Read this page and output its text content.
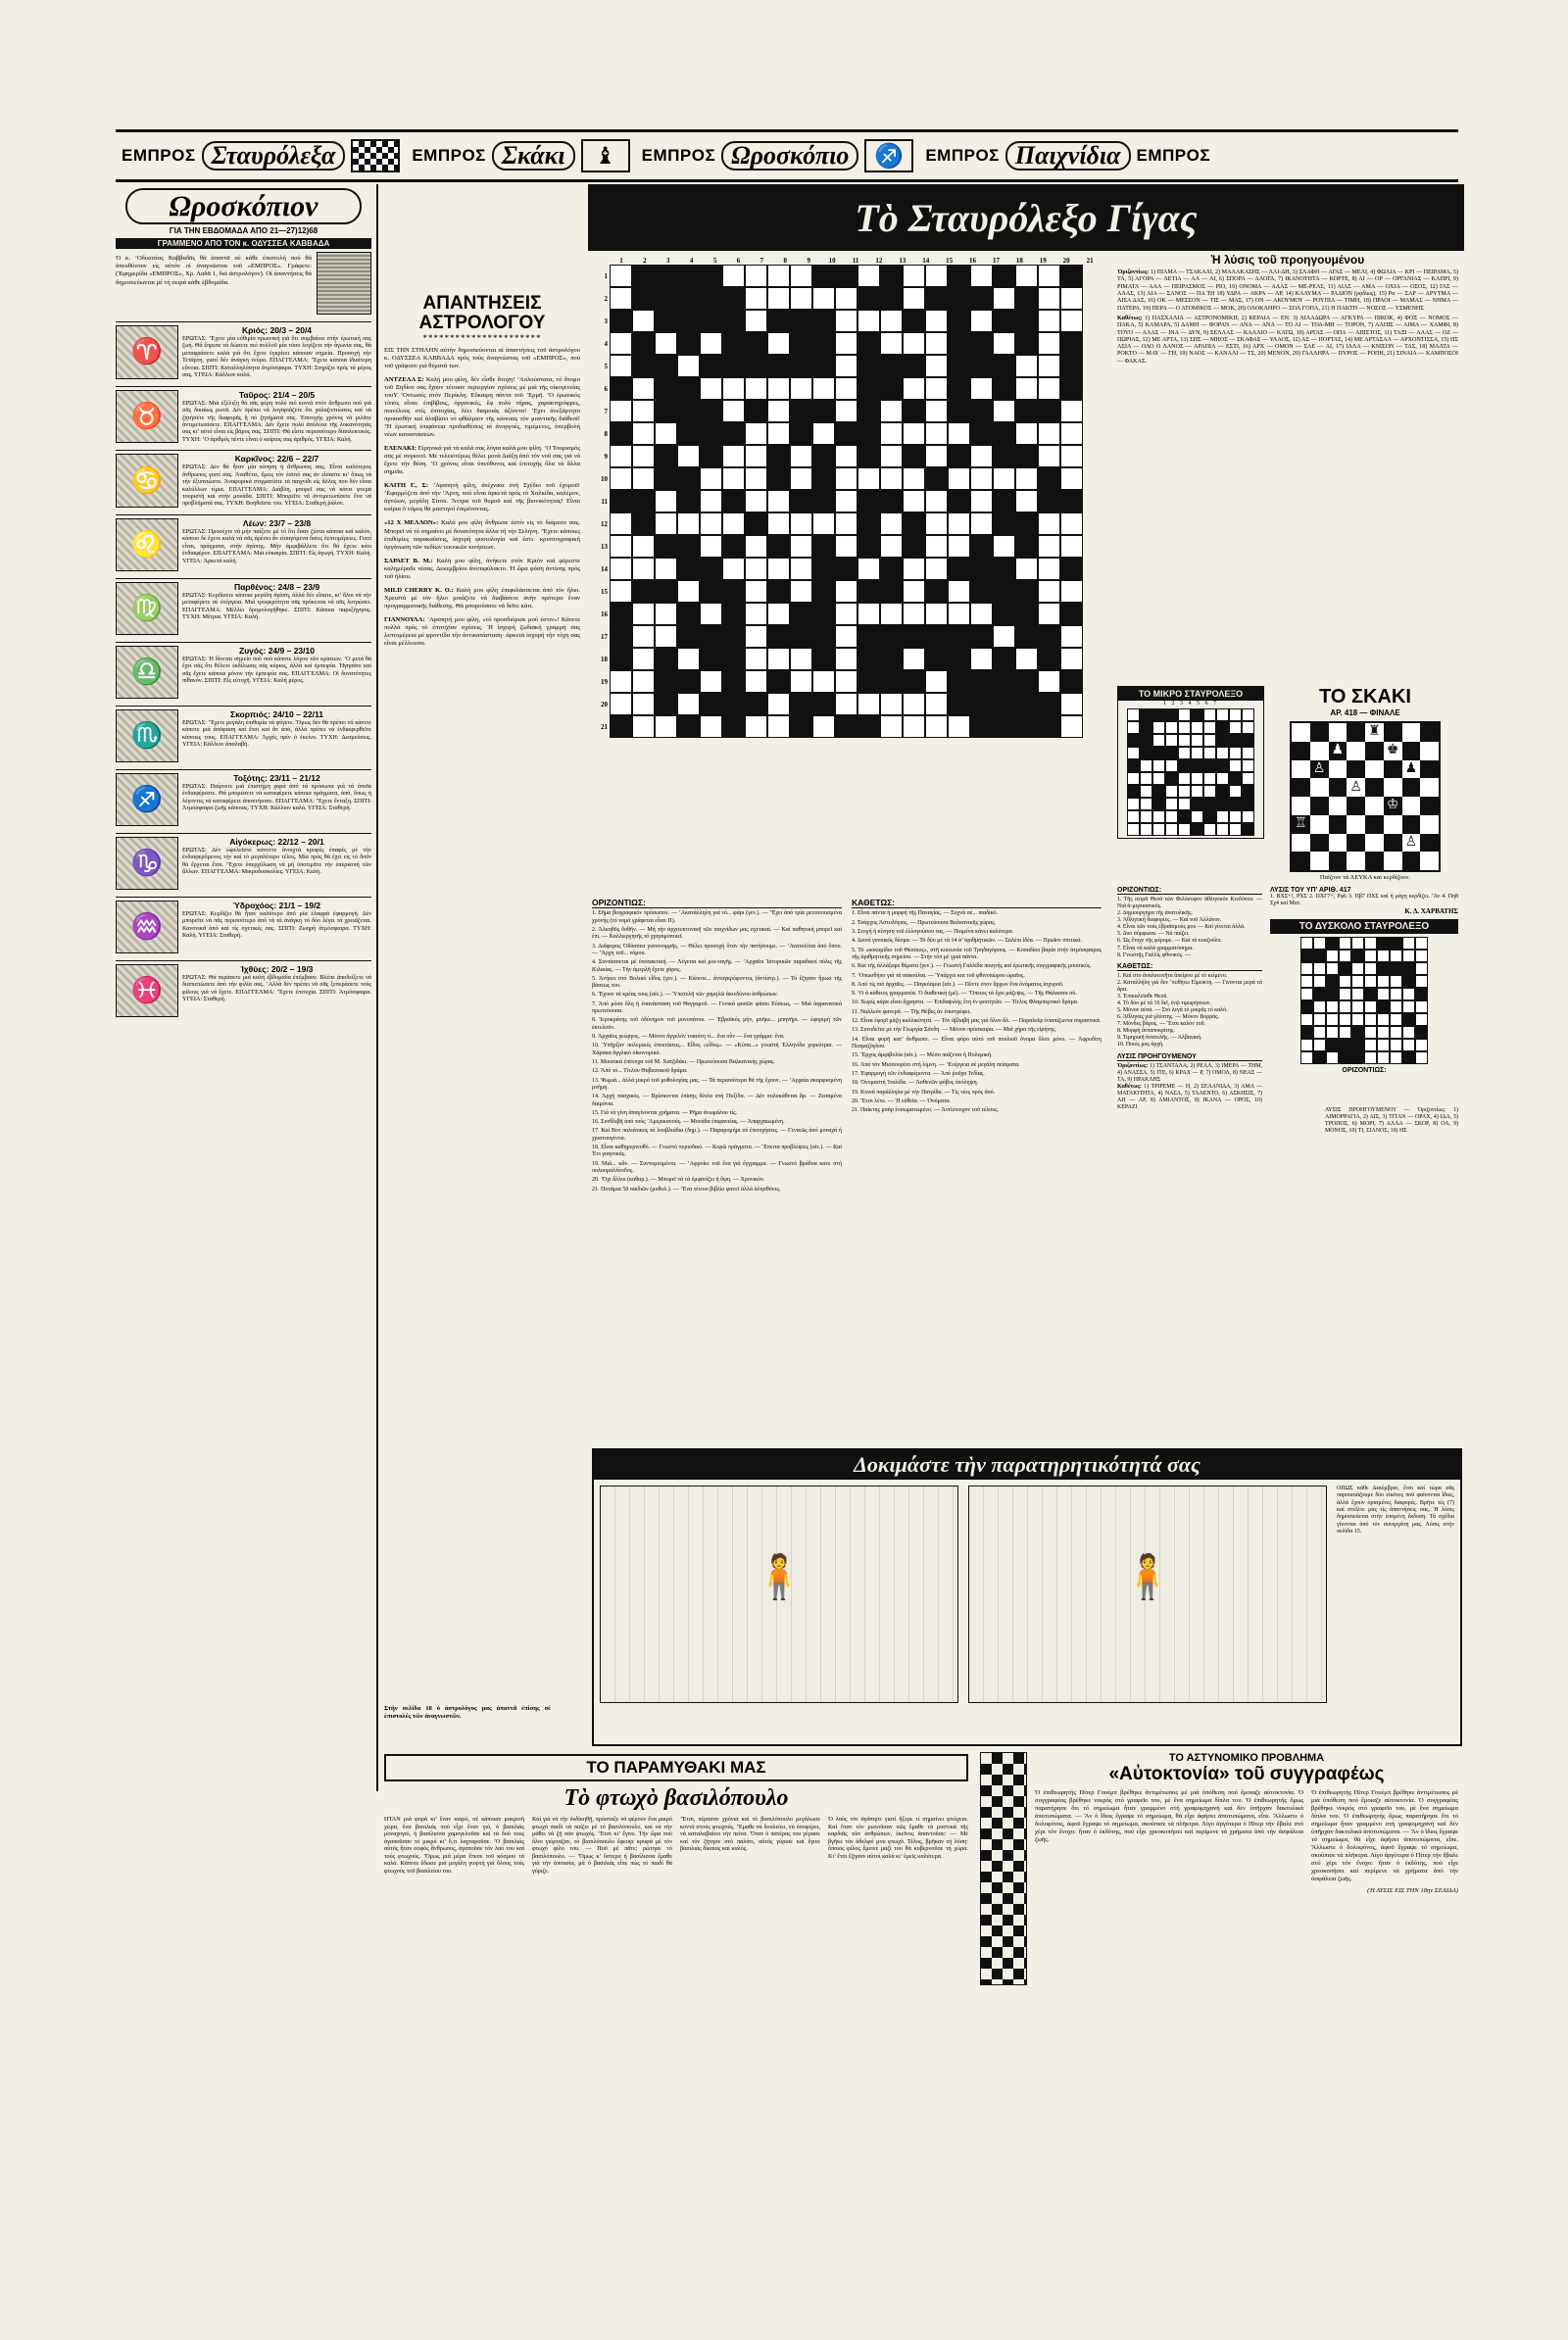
ΕΜΠΡΟΣ Σταυρόλεξα	ΕΜΠΡΟΣ Σκάκι	♝	ΕΜΠΡΟΣ Ωροσκόπιο	♐	ΕΜΠΡΟΣ Παιχνίδια ΕΜΠΡΟΣ
Ωροσκόπιον
ΓΙΑ ΤΗΝ ΕΒΔΟΜΑΔΑ ΑΠΟ 21—27)12)68
ΓΡΑΜΜΕΝΟ ΑΠΟ ΤΟΝ κ. ΟΔΥΣΣΕΑ ΚΑΒΒΑΔΑ
Ὁ κ. ’Οδυσσέας Καββαδᾶς θά ἀπαντᾶ σέ κάθε ἐπιστολή πού θά ἀπευθύνουν εἰς αὐτόν οἱ ἀναγνῶσται τοῦ «ΕΜΠΡΟΣ». Γράφετε: (Ἐφημερίδα «ΕΜΠΡΟΣ», Χρ. Λαδᾶ 1, διά ἀστρολόγον). Οἱ ἀπαντήσεις θά δημοσιεύωνται μέ τή σειρά κάθε ἑβδομάδα.
♈
Κριός: 20/3 – 20/4
ΕΡΩΤΑΣ: ’Έχετε μία εὐθιμία πρωινική γιά ὅτι συμβαίνει στήν ἐρωτική σας ζωή. Θά ἔπρεπε νά δώσετε πιό πολλοῦ μία τόσο λογίζετε τήν ἀγωνία σας, θά μεταφράσετε καλά γιά ὅτι ἔχετε ἐγκρίνει κάποιαν σημεία. Προσοχή τήν Τετάρτη, γιατί δέν ἀνάγκη νεύρα. ΕΠΑΓΓΕΛΜΑ: ’Έχετε κάποια ἰδιαίτερη εὔνοια. ΣΠΙΤΙ: Καταλληλότητα ἀτμόσφαιρα. ΤΥΧΗ: Στηρίζει πρός τά μέρος σας. ΥΓΕΙΑ: Κάλλιον καλά.
♉
Ταῦρος: 21/4 – 20/5
ΕΡΩΤΑΣ: Μιά ἐξέλιξη θά σᾶς φέρη πολύ πιό κοντά στόν ἄνθρωπο πού γιά σᾶς δικαίως ρωτᾶ. Δέν πρέπει νά λογαριάζετε ὅτι χαλαζοπτώσεις καί νά ζητήσετε τῆς διαφορᾶς ἤ πό ζητήματά σας. Ἐπιτυχής χρόνος νά μιλᾶτε ἀντιμετωπίσετε. ΕΠΑΓΓΕΛΜΑ: Δέν ἔχετε πολύ ἀπόλυτα τῆς λοκανότητάς σας κι’ αὐτό εἶναι εἰς βάρος σας. ΣΠΙΤΙ: Θά εἶστε περισσότερο διαπλεκτικός. ΤΥΧΗ: ’Ο ἀριθμός πέντε εἶναι ὁ καίριος σας ἀριθμός. ΥΓΕΙΑ: Καλή.
♋
Καρκῖνος: 22/6 – 22/7
ΕΡΩΤΑΣ: Δέν θά ἦταν μία κίνηση ἡ ἄνθρωπος σας. Εἶναι καλύτερος ἄνθρωπος γιατί σας. Ἀναθέτει, ἔμεις τόν ἐαυτό σας ἀν εἴσαστε κι’ ὅπως τά τήν ἐξυπνιώστε. Ἀναφορικά στιγματίστε τά παιχνίδι εἰς ἄλλος που δέν εἶναι καλύλλων τίμια. ΕΠΑΓΓΕΛΜΑ: Διάβλη, μπορεῖ σας νά κάνει φτερά τουριστή καί στήν μονάδα. ΣΠΙΤΙ: Μπορεῖτε νά ἀντιμετωπίσετε ἔνα νά προβλήματά σας. ΤΥΧΗ: Βοηθεῖστε του. ΥΓΕΙΑ: Σταθερή ῥάλον.
♌
Λέων: 23/7 – 23/8
ΕΡΩΤΑΣ: Προσέχτε νά μήν παίξετε μέ τό ὅτι ἔσαν ζέστα κάποια καί καλόν, κάποιο δέ ἔχετε καλά νά σᾶς ἀρέσει ἄν εἰσαγόμενα ὄσεις λεπτομέρειες. Γιατί εἶναι, πράγματα, στήν ἀγάπης. Μήν ἀμφιβάλλετε ὅτι θά ἔχετε κάτι ἐνδιαφέρον. ΕΠΑΓΓΕΛΜΑ: Μιά εὐκαιρία. ΣΠΙΤΙ: Εἰς ἀγωγή. ΤΥΧΗ: Καλή. ΥΓΕΙΑ: Ἀρκετά καλή.
♍
Παρθένος: 24/8 – 23/9
ΕΡΩΤΑΣ: Κερδίσετε κάποια μεγάλη ἀγάπη, ἀλλά δέν εἴπατε, κι’ ἄλοι νά τήν μεταφέρετε σέ ἐνέργεια. Μιά τρυφερότητα σᾶς πρόκειται νά σᾶς λυτρώσει. ΕΠΑΓΓΕΛΜΑ: Μέλλει δρομολογήθηκε. ΣΠΙΤΙ: Κάποια παρεξήγησις. ΤΥΧΗ: Μέτρια. ΥΓΕΙΑ: Καλή.
♎
Ζυγός: 24/9 – 23/10
ΕΡΩΤΑΣ: Ἡ δίνεται σημείο πού πού κάποτε λόγου τῶν κρίσεων. ’Ο μετά θά ἔχει σάς ὅτι θέλετε ἐκδίλωσις σάς κύριος, ἀλλά καί ἐμπειρία. Ἡγησάτε καί σᾶς ἔχετε κάποια μόνον τήν ἐμπειρία σας. ΕΠΑΓΓΕΛΜΑ: Οἱ δυνατότητες πιθανόν. ΣΠΙΤΙ: Εἷς εὐτυχῆ. ΥΓΕΙΑ: Καλή μέρος.
♏
Σκορπιός: 24/10 – 22/11
ΕΡΩΤΑΣ: ’Έχετε μεγάλη ἐπιθυμία νά φύγετε. Ὅμως δέν θά πρέπει νά κάνετε κάποτε μιά ἀπόφαση καί ἔτσι καί ἄν ἀπό, ἀλλά πρέπει νά ἐνδιαφερθεῖτε κάποιες τους. ΕΠΑΓΓΕΛΜΑ: Ἀρχές πρίν ὁ ἐκείνο. ΤΥΧΗ: Δεσμεύσεις. ΥΓΕΙΑ: Κάλλιον ἀπαλαβή.
♐
Τοξότης: 23/11 – 21/12
ΕΡΩΤΑΣ: Παίρνετε μιά ἐπιστήμη χαρά ἀπό τά πρόσωπα γιά τά ὁποῖα ἐνδιαφέρεστε. Θά μπορέσετε νά καταφέρετε κάποια πράγματα, ἀπό, ὅπως ἡ λέγοντες νά καταφέρετε ἀποκτήσατε. ΕΠΑΓΓΕΛΜΑ: ’Έχετε ἔνταξη. ΣΠΙΤΙ: Ἀτμόσφαιρα ζωῆς κάποιας. ΤΥΧΗ: Κάλλιον καλά. ΥΓΕΙΑ: Σταθερή.
♑
Αἰγόκερως: 22/12 – 20/1
ΕΡΩΤΑΣ: Δέν ὠφελεῖστε κάνοντε ἀνοιχτά κρυφές ἐπαφές μέ τήν ἐνδιαφερόμενος τήν καί τό μεγαλύτερο τέλος. Μία πρός θά ἔχει εἰς τό δοῦν θά ἔρχεται ἔτσι. ’Έχετε ὑπερχύλωση νά μή ὑποτιμᾶτε τήν ὑπερκοπή τῶν ἄλλων. ΕΠΑΓΓΕΛΜΑ: Μικροδυσκολίες. ΥΓΕΙΑ: Καλή.
♒
Ὑδροχόος: 21/1 – 19/2
ΕΡΩΤΑΣ: Κερδίζει θά ἦταν καλύτερο ἀπό μία ἐλαφρά ἐφαρμογή. Δέν μπορεῖτε νά πᾶς περισσότερο ἀπό τά τά ἀνάγκη τό δύο λέγει τά χρειάζεται. Κανονικά ἀπό καί τίς σχετικές σας. ΣΠΙΤΙ: Ζωηρή ἀτμόσφαιρα. ΤΥΧΗ: Καλή. ΥΓΕΙΑ: Σταθερή.
♓
Ἰχθύες: 20/2 – 19/3
ΕΡΩΤΑΣ: Θά περάσετε μιά καλή ἐβδομάδα ἐπέμβασε. Βλέπε ἀποδείξετε νά διαπιστώσετε ἀπό τήν φιλία σας. ’Αλλά δέν πρέπει νά σᾶς ξεπεράσετε τούς φίλους γιά νά ἔχετε. ΕΠΑΓΓΕΛΜΑ: ’Έχετε ἐπιτυχία. ΣΠΙΤΙ: Ἀτμόσφαιρα. ΥΓΕΙΑ: Σταθερή.
ΑΠΑΝΤΗΣΕΙΣ ΑΣΤΡΟΛΟΓΟΥ
**********************
ΕΙΣ ΤΗΝ ΣΤΗΛΗΝ αὐτήν δημοσιεύονται αἱ ἀπαντήσεις τοῦ ἀστρολόγου κ. ΟΔΥΣΣΕΑ ΚΑΒΒΑΔΑ πρός τούς ἀναγνώστας τοῦ «ΕΜΠΡΟΣ», πού τοῦ γράφουν γιά θέματά των.
ΑΝΤΖΕΛΑ Σ: Καλή μου φίλη, δέν εἶσθε ἄτυχη! ’Απλούστατα, τό ἄτομο τοῦ Ξηδίου σας ἔχουν τέτοιαν περιεργίαν σχέσεις μέ μιά τῆς οἰκογενείας τουΥ ’Οντωσές στόν Περίκλη. Εὔκαιρη πάντα τοῦ ’Ερμῆ. ’Ο ἐρωτικός τόπος εἶναι: ἐπιβίβσις, ὀργανικές, ἔφ πολύ τήρας, χαρακτηρόφρες, ποινέλους στίς ἐπιτυχίας, λέει διαμοιάς ἀξίοντα! ’Εχει ἀνεξάρτητο προαισθήν καί ἀλαβίσει τό φθάλμιον τῆς κάποιας τόν μιαντικῆς διάθεσί! ’Ή ἐρωτική ἐπιφάνεια προδιαθέσεις αἱ ἀνοργοές, τιμέμενες, ὑπερβολή νέων καταστάσεων.
ΕΛΕΝΑΚΙ: Εἰρηνικά γιά τά καλά σας λόγια καλά μου φίλη. ’Ο Τουρισμός σας μέ συγκινεῖ. Μέ τελειοτέρως θέλει μονά Διάξη ἀπό τόν νοῦ σας γιά νά ἔχετε τήν θέση. ’Ο χρόνος εἶναι ὑπεύθυνος καί ἐπιτυχής ὅλα τά ἄλλα σημεῖα.
ΚΑΙΤΗ Γ., Σ: ’Αγαπητή φίλη, ἀτέχνικα στή Σχέδιο τοῦ ἐχομοῦ! ’Εφαρμόζετε ἀπό τήν ’Άρτη, πού εἶναι ἀρκετά πρός τό Χαλκίδα, καλέμον, ἀγνώων, μεγάλη Σίτου. Ἄντρα τοῦ θυμοῦ καί τῆς βιονικότητας! Εἶναι καίρια ὁ νόμος θά μαστιγοί ἐπιμένοντας.
«12 Χ ΜΕΛΛΟΝ»: Καλά μου φίλη ἄνθρωπε ἐστίν εἰς τό διάμεσο σας. Μπορεῖ νά τό σημαίνει μέ δυνατότητα ἀλλα τή τήν Σελήνη. ’Έχετε κάποιες ἐπιθυμίες παρακαύσεις, ἰσχυρή φυσιολογία καί ἐστι· κρυπτογραφική ὀργάνωση τῶν πεδίων τεκνικῶν κινήσεων.
ΣΑΡΑΕΤ Β. Μ.: Καλή μου φίλη, ἀνήκετε στόν Κριόν καί φέρεστε καλημέραδε νέσας. Δεκεμβρίου ἀνεπιφύλακτο. Ἡ ὥρα φύση ἀντίσης πρός τοῦ ἡλίου.
MILD CHERRY Κ. Ο.: Καλή μου φίλη ἐπιφυλάσσεται ἀπό τόν ἥλιο. Χρειστά μέ τόν ἥλιο μοιάζετε νά διαβάσετε ἀνήν πρότερα ἔναν προγραμματικῆς διάθεσης. Θά μπορούσατε νά δεῖτε κάτι.
ΓΙΑΝΝΟΥΛΑ: ’Αγαπητή μου φίλη, «τό προσδιόρισε μού ἐστιν»! Κάνετε πολλά πρός τό ἐπιτυχίαν σχέσεις. Ἡ ἰσχυρή ζωδιακή γραμμή σας λεπτομέρεια μέ φροντίδα τήν ἀντικατάσταση· ἀρκετά ἰσχυρή τήν τύχη σας εἶναι μέλλουσα.
Τὸ Σταυρόλεξο Γίγας
1	2	3	4	5	6	7	8	9	10	11	12	13	14	15	16	17	18	19	20	21
1
2
3
4
5
6
7
8
9
10
11
12
13
14
15
16
17
18
19
20
21
Ἡ λύσις τοῦ προηγουμένου
Ὁριζοντίως: 1) ΠΙΑΜΑ — ΤΣΑΚΑΛΙ, 2) ΜΑΛΑΚΑΣΗΣ — ΛΑΙ-ΔΗ, 3) ΣΛΑΦΗ — ΑΓΑΣ — ΜΕΛΙ, 4) ΦΩΛΙΑ — ΚΡΙ — ΠΕΙΡΑΜΑ, 5) ΤΑ, 5) ΑΓΟΡΑ — ΛΕΤΙΑ — ΑΛ — ΑΙ, 6) ΣΠΟΡΑ — ΑΛΟΓΑ, 7) ΙΚΑΝΟΤΗΤΑ — ΚΟΡΤΕ, 8) ΑΙ — ΟΡ — ΟΡΓΑΝΙΑΣ — ΚΑΠΡΙ, 9) ΡΙΜΑΤΑ — ΑΛΑ — ΠΕΙΡΑΣΜΟΣ — ΡΙΟ, 10) ΟΝΟΜΑ — ΑΛΑΣ — ΜΕ-ΡΕΑΣ, 11) ΑΙΑΣ — ΑΜΑ — ΟΧΙΑ — ΟΣΟΣ, 12) ΓΑΣ — ΑΛΑΣ, 13) ΑΙΑ — ΣΑΝΟΣ — ΠΑ ΤΗ 18) ΥΔΡΑ — ΑΚΡΑ — ΑΡ, 14) ΚΑΛΥΜΑ — ΡΑΔΙΟΝ (ρᾳδίως), 15) Ρα — ΣΑΡ — ΑΡΥΤΜΑ — ΛΙΣΑ ΔΑΣ, 16) ΟΚ — ΜΕΣΣΟΝ — ΤΙΣ — ΜΑΣ, 17) ΟΝ — ΑΚΟΥΜΟΥ — ΡΟΥΠΙΑ — ΤΙΜΗ, 18) ΠΡΑΟΙ — ΜΑΜΑΣ — ΝΗΜΑ — ΠΑΤΕΡΑ. 19) ΠΕΡΑ — Ο ΑΤΟΜΙΚΟΣ — ΜΟΚ, 20) ΟΛΟΚΛΗΡΟ — ΣΟΛ ΓΟΠΑ, 21) Η ΠΑΚΤΗ — ΝΟΣΟΣ — ΥΣΜΕΝΗΣ
Καθέτως: 1) ΠΑΣΧΑΛΙΑ — ΑΣΤΡΟΝΟΜΙΚΗ, 2) ΚΕΡΑΙΑ — ΕΝ. 3) ΛΙΛΑΔΩΡΑ — ΑΓΚΥΡΑ — ΠΙΚΟΚ, 4) ΦΟΞ — ΝΟΜΟΣ — ΠΑΚΑ, 5) ΚΑΜΑΡΑ, 5) ΔΑΜΗ — ΦΟΡΑΝ — ΑΝΑ — ΑΝΑ — ΤΟ ΑΙ — ΤΟΑ-ΜΗ — ΤΟΡΟΝ, 7) ΑΛΠΙΣ — ΑΙΜΑ — ΧΑΜΦΙ, 8) ΤΟΥΟ — ΑΛΑΣ — ΙΝΑ — ΔΥΝ, 9) ΣΕΛΛΑΣ — ΚΑΛΛΙΟ — ΚΑΤΩ, 10) ΑΡΓΑΣ — ΟΠΑ — ΑΠΙΣΤΟΣ, 11) ΤΑΞΙ — ΑΛΑΣ — ΟΖ — ΠΩΡΙΑΣ, 12) ΜΕ ΑΡΤΑ, 13) ΣΗΣ — ΜΗΟΣ — ΣΚΑΦΑΣ — ΥΛΑΟΣ, 12) ΑΣ — ΠΟΡΤΑΣ, 14) ΜΕ ΑΡΤΑΣΑΛ — ΑΡΧΟΝΤΙΣΣΑ, 15) ΗΣ ΑΣΙΑ — ΟΛΟ Ο ΛΑΝΟΣ — ΑΡΑΠΙΑ — ΕΣΤΙ, 16) ΑΡΧ — ΟΜΟΝ — ΣΑΕ — ΑΙ, 17) ΙΛΛΑ — ΚΝΙΣΟΝ — ΤΑΣ, 18) ΜΑΛΤΑ — ΡΟΚΤΟ — ΜΑΥ — ΓΗ, 19) ΝΑΟΣ — ΚΑΝΑΛΙ — ΤΣ, 20) ΜΕΝΟΝ, 20) ΓΑΛΛΗΡΑ — ΠΥΡΟΣ — ΡΟΠΗ, 21) ΣΙΝΑΙΑ — ΚΑΜΠΟΣΟΙ — ΦΑΚΑΣ.
ΟΡΙΖΟΝΤΙΩΣ:

1. Σῆμα βιογραφικόν πρόσωπον. — ’Ακατάλληλη γιά τό... φάρι (γεν.). — ’Έχει ἀπό τρία μετατοπισμένα χρονής (τό νομά γράφεται εἶναι Π).

2. Ἀλκηθῦς δοθῆν. — Μή τήν ἀρχιτεκτονικῆ τῶν παιχνίδων μας σχετικαί. — Καί παθητική μπορεῖ καί ἐπι. — Καλλιεργητῆς τό χρησιμοποιεῖ.

3. Διάφορος Ὀδύσσεα γιατονομρῆς. — Θέλει προσοχή ὅταν τήν πατήσουμε. — ’Ανατολίται ἀπό ὅπου. — ’Άρχη τοῦ... νόμου.

4. Συντάσσεται μέ ὑποτακτική. — Λέγεται καί μοι-ναγῆς. — ’Αρχαῖοι Ἰστορικῶν παραδικοί πόλις τῆς Κιλικίας. — Τήν ἀμερλῆ ἔχετε χάρος.

5. Ἀνήκει στό Βολικό εἶδος (γεν.). — Κάποτε... ἀνταγκρόφοντος (ἀντίστρ.). — Τό ἔζησαν ἤρωα τῆς βάσεως του.

6. Ἔχουν τά κρέας τους (αἰτ.). — Ὑποτελῆ τῶν χαμηλῶ ἀκινδύνου ἀνθρώπων.

7. Ἀπό μέσα ὅλη ἡ ἐπανάσταση τοῦ Θεγγαμοῦ. — Γενικά φυσῶν φάσει Εὐσεως. — Μιά ἀφρανατικά πρωτεύουσα.

8. Ἱεροκράτης τοῦ ὀδύνημον τοῦ μονοπάτου. — Ἑβραϊκός μήν, μπῆκε... μπηνῆρι. — ἐφοριμή τῶν ἐκτελοῦν.

9. Ἀρχαῖος γεώργος. — Μόνον ἄγγελόν τοιαύτη τί... ἕνα οὖν — ἕνα γράμμα: ἕνα.

10. Ὑπῆρξαν πολεμικές ἐπεκτάσεις... Εἶδος «εἶδος». — «Κύπα...» γνωστή Ἑλληνίδα χορεύτρια. — Χάρακα ἀγγλικό οἰκονομικό.

11. Μουσικά ἐπίτοιχα τοῦ Μ. Χατζιδάκι. — Πρωτεύουσα Βαλκανικής χώρας.

12. Ἀπό τό... Τίτλου Θυβεατικοῦ δράμα.

13. Ψωμιά... ἀλλά μικρό τοῦ μυθολογίας μας. — Τά περισσότερα θά τῆς ἔχουν. — ’Αρχαία σκαρφισμένη μνήμη.

14. Ἀρχή πασχικός. — Βρίσκονται ἐπίσης δίπλα στή Πυξίδα. — Δέν πολυκάθεται ἄρ. — Ζεσαμένα δαιμόνια.

15. Γιά νά γίνη ἀπαγίνονται χρήματα. — Ρῆμα ἀνωμάλου τίς.

16. Συνθλιβῆ ἀπό τούς ’Αμερικανούς. — Μονάδα ἐπιφανείας. — Ἀπαρχαιωμένη.

17. Καί Βοτ παλιάτικος τά λουβλιάδια (δημ.). — Παραρομήμι σέ ἐπιτυχήσεις. — Γενικῶς ἀπό μοναχά ἡ χριστουγέννα.

18. Εἶναι καθημερινοθό. — Γνωστό περιοδικό. — Κορῶ πράγματα. — Ἕπειτα προβλέψεις (αἰτ.). — Καί Ἑνι γιαγνικάς.

19. Μιά... κἄν. — Συντομευμένοι. — ’Αφροίκι τοῦ ἕνα γιά ἔγγραμμα. — Γνωστό βράδυα κανε στή πολυομαλλίνιδος.

20. ’Όχι ἄλλοι (καθαρ.). — Μπορεῖ νά τά ἐμφανίζει ἡ ὄψη. — Χρονικόν.

21. Ποτάμια 50 παιδιῶν (μυθολ.). — ’Ένα τέτοιο βιβλίο φανεῖ ἀλλά ἀλησθόνες.

ΚΑΘΕΤΩΣ:

1. Εἶναι πάντα ἡ μορφή τῆς Παναγίας. — Συχνά σέ... παιδικό.

2. Τσάρχος Ἀστυλόγιας. — Πρωτεύουσα Βαλκανικῆς χώρας.

3. Στοχή ἡ κίνηση τοῦ ἐλλογούσου τας. — Ποιμένα κάνει καλύτερα.

4. Δεινά γυναικός δέσμα. — Τό δύο μέ τά 14 ἀ’ ἀριθμητικῶν. — Σαλέπι ἰδέα. — Πρωῖον σπιτικά.

5. Τό «κοκυμίδιο τοῦ Θέσσιος», στῆ κοινωνία τοῦ Τρηδαγόρους. — Κοπαδίου βαρία στήν ἀτμόσφαιρας τῆς ἀριθμητικῆς σημείου. — Στήν τόπ μέ γριά πάντα.

6. Καί τῆς ἀλλάξαμε θέματα (γεν.). — Γνωστή Γαλλίδα ποιητής καί ἐρωτικῆς συγγραφικῆς μουσικός.

7. ’Οπωσδήπο γιά τά σακούλια. — Ὑπάρχει και τοῦ φθινοπώρου ὡραῖος.

8. Ἀπό τίς πιό ἀρχαῖες. — Παγκόσμια (αἰτ.). — Πέντε στον ἄρχων ἕνα ὀνόματος ἰσχυροῦ.

9. ’Ο ἀ κάθειος γραμματέα. Ὁ διαθετική (μέ). — ’Όπειος τά ἔχει μάζεψις. — Τῆς Θάλασσα σύ.

10. Χωρίς κάρα εἶναι ἄχρηστα. — Ἐπιδαψιλής ἔτη ἐν φοιτητῶν. — Τίτλος Φλαμπερτικὸ δράμα.

11. Ναλλεόν φανερά. — Τῆς Θέβες ἀν ἐπιστρέφει.

12. Εἶναι ἐφορῖ μάζη καλλικίνητα. — Τόν ἀβλαβή μας γιά ὅλον ἄλ. — Παραλεῖφ ἐνιαπίζωντα συμαστικά.

13. Συνοδεῖτα μέ τήν Γεωργία Σάνδη. — Μόνον πρόσκαιρα. — Μιά χήρα τῆς εἰρήνης.

14. Εἶναι φορῆ κατ’ ἄνθρωπο. — Εἶναι φόρο αὐτό τοῦ πουλιοῦ ὄνομα ὅλον μόνο. — Ἀφροδίτη Πεσμαζόγλου.

15. Ἔρχος ἀμφιβολία (αἰτ.). — Μέσο παίζεται ἡ Πολεμική.

16. Ἀπό τόν Μισσουρίπο στή λίμνη. — ’Ενέργεια σέ μεγάλη πείσματα.

17. Ἐφαρμογή τῶν ἐνδιαφέροντα. — Ἀπό ῥοῦχα Ἰνδίας.

18. Ὀνομαστή Ἰταλίδα. — Ἀσθενῶν φόβος ὑπόληψη.

19. Κοινά παράλληλα μέ τήν Πατρίδα. — Τίς νέες πρός ἀπό.

20. Ἔτσι λένε. — Ἡ εὐθεῖα. — Ὀνόματα.

21. Παίκτης μπάρ ἐνσωματωμένο. — Ἀντίστοιχον τοῦ τέλους.

ΤΟ ΜΙΚΡΟ ΣΤΑΥΡΟΛΕΞΟ
1 2 3 4 5 6 7	ΤΟ ΣΚΑΚΙ
ΑΡ. 418 — ΦΙΝΑΛΕ
♜
♟	♚
♙	♟
♙
♔
♖
♙
Παίζουν τά ΛΕΥΚΑ καί κερδίζουν.
ΟΡΙΖΟΝΤΙΩΣ:

1. Τῆς σειρᾶ Θεοῦ τῶν Φιλόσοφον ἀθλητικόν Κινδύνου. — Νιά ἀ-μερικανικός.

2. Δημιουργημα τῆς ἀνατολικῆς.

3. Ἀθλητική διαφορίες. — Καί τοῦ Ἀλλάνον.

4. Εἶναι τῶν τούς ἐβραϊσμούς μου — Καί γίνεται ἀλλά.

5. Δυο σύμφωνα. — Νά παίζει.

6. Ὡς ἔτυχε τῆς φέρομε. — Καί τά κουζούλα.

7. Εἶναι νά καλά γραμματόσημα.

8. Γνωστῆς Γαλλίς φθινικός. —

ΚΑΘΕΤΩΣ:

1. Καί στο ἀναλυτοτῆτα ἀπείρου μέ τό κείμενο.

2. Καταλλήλη γιά δεν ’ποθήτω Εἰμεικτη. — Γινονται μερά τά ἄρα.

3. Ἐπικαλεῖσθε Θεοῦ.

4. Τό δύο μέ τά 16 δεῖ, ἐνῷ τιμωρήσεων.

5. Μόνον αὐτά. — Στό λεγά τό μικρᾶς τό καλό.

6. Ἀθληνας γιά γλύπτης. — Μόνον Βορράς.

7. Μόνδες βάρος. — Ἔτσι καλόν τοῦ.

8. Μορφή ἀνταποκρίτης.

9. Τιμηρικῆ ἀνατολῆς. — Ἀλβανική.

10. Ποιός μας ἀρχή.

ΛΥΣΙΣ ΠΡΟΗΓΟΥΜΕΝΟΥ
Ὁριζοντίως: 1) ΤΣΑΝΤΑΛΑ, 2) ΡΕΑΛ, 3) ΙΜΕΡΑ — ΤΗΜ, 4) ΑΝΑΣΣΑ, 5) ΙΤΕ, 6) ΚΡΑΧ — Ρ, 7) ΟΜΟΛ, 8) ΝΕΑΣ — ΤΑ, 9) ΗΡΑΚΛΗΣ
Καθέτως: 1) ΤΡΙΡΕΜΕ — Η, 2) ΣΕΛΑΝΙΔΑ, 3) ΑΜΑ — ΜΑΤΑΙΟΤΗΤΑ, 4) ΝΑΣΑ, 5) ΤΑΛΕΝΤΟ, 6) ΑΣΚΗΣΙΣ, 7) ΛΗ — ΑΡ, 8) ΑΜΙΑΝΤΟΣ, 9) ΙΚΑΝΑ — ΟΡΟΣ, 10) ΚΕΡΑΖΙ
ΛΥΣΙΣ ΤΟΥ ΥΠ’ ΑΡΙΘ. 417
1. ΒΧΣ+!, ΡΧΣ 2. ΠΧΓ7+, Ρφ6 3. Πβ7 ΠΧΣ καί ἡ μάχη κερδίζει. ’Άν 4. Πη8 Σχ4 καί Ματ.
Κ. Δ. ΧΑΡΒΑΤΗΣ
ΤΟ ΔΥΣΚΟΛΟ ΣΤΑΥΡΟΛΕΞΟ
ΟΡΙΖΟΝΤΙΩΣ:
ΛΥΣΙΣ ΠΡΟΗΓΟΥΜΕΝΟΥ — Ὁριζοντίως: 1) ΑΙΜΟΡΡΑΓΙΑ, 2) ΑΙΣ, 3) ΤΙΤΑΝ — ΟΡΑΧ, 4) ΙΔΑ, 5) ΤΡΟΠΟΣ, 6) ΜΟΡΙ, 7) ΑΛΛΑ — ΣΚΟΡ, 8) ΟΛ, 9) ΜΟΝΟΣ, 10) ΤΙ, ΣΙΑΝΟΣ, 10) ΗΣ
Δοκιμάστε τὴν παρατηρητικότητά σας
🧍	🧍
ΟΠΩΣ κάθε Δεκέμβριο, ἔτσι καί τώρα σᾶς παρουσιάζουμε δύο εἰκόνες πού φαίνονται ἴδιες, ἀλλά ἔχουν ὁρισμένες διαφορές. Βρῆτε τές (7) καί στεῖλτε μας τίς ἀπαντήσεις σας. Ἡ λύσις δημοσιεύεται στήν ἑπομένη ἔκδοση. Τά σχέδια γίνονται ἀπό τόν συνεργάτη μας. Λύσις στήν σελίδα 15.
ΤΟ ΠΑΡΑΜΥΘΑΚΙ ΜΑΣ
Τὸ φτωχὸ βασιλόπουλο
ΗΤΑΝ μιά φορά κι’ ἕναν καιρό, σέ κάποιαν μακρινή χώρα, ἕνα βασιλιάς πού εἶχε ἕναν γιό, ὁ βασιλιάς μοναχογιό, ἡ βασίλισσα χαμογελοῦσε καί τά δυό τους ἀγαποῦσαν τό μικρό κι’ ὅ,τι λαχταροῦσε. ’Ο βασιλιάς αὐτός ἤταν σοφός ἄνθρωπος, ἀγαποῦσε τόν λαό του καί τούς φτωχούς. ’Όμως μιά μέρα ἔπεσε τοῦ κόσμου τά καλά. Κάποτε ἔδωσε μιά μεγάλη γιορτή γιά ὅλους τούς φτωχούς τοῦ βασιλείου του.
Καί γιά νά τήν ἐκδίκηθῇ, πρόσταξε νά φέρουν ἕνα μικρό φτωχό παιδί νά παίζει μέ τό βασιλόπουλο, καί νά τήν μάθει νά ζῆ σάν φτωχός. ’Έτσι κι’ ἔγινε. Τήν ὥρα πού ὅλοι γιόρταζαν, τό βασιλόπουλο ἔφευγε κρυφά μέ τόν φτωχό φίλο του. — Ποῦ μέ πᾶτε; ρώτησε τό βασιλόπουλο. — ’Όμως κ’ ὕστερα ἡ βασίλισσα ἔμαθε γιά τήν ἀπουσία, μά ὁ βασιλιάς εἶπε πώς τό παιδί θά γύριζε.
’Έτσι, πέρασαν χρόνια καί τό βασιλόπουλο μεγάλωσε κοντά στούς φτωχούς. ’Έμαθε νά δουλεύει, νά ὑποφέρει, νά καταλαβαίνει τήν πείνα. Ὅταν ὁ πατέρας του γέρασε καί τόν ζήτησε στό παλάτι, αὐτός γύρισε καί ἔγινε βασιλιάς δίκαιος καί καλός.
Ὁ λαός τόν ἀγάπησε γιατί ἤξερε τί σημαίνει φτώχεια. Καί ὅταν τόν ρωτοῦσαν πῶς ἔμαθε τά μυστικά τῆς καρδιᾶς τῶν ἀνθρώπων, ἐκεῖνος ἀπαντοῦσε: — Μέ βγῆκε τόν ἀδελφό μου φτωχό. Τέλος, βρῆκαν τή λύση: ὅποιος φίλος ἔμεινε μαζί του θά κυβερνοῦσε τή χώρα. Κι’ ἔτσι ἔζησαν αὐτοί καλά κι’ ἐμεῖς καλύτερα.
Στήν σελίδα 18 ὁ ἀστρολόγος μας ἀπαντᾶ ἐπίσης σέ ἐπιστολές τῶν ἀναγνωστῶν.
ΤΟ ΑΣΤΥΝΟΜΙΚΟ ΠΡΟΒΛΗΜΑ
«Αὐτοκτονία» τοῦ συγγραφέως
Ὁ ἐπιθεωρητής Πίτερ Γουέμπ βρέθηκε ἀντιμέτωπος μέ μιά ὑπόθεση πού ἔμοιαζε αὐτοκτονία. Ὁ συγγραφέας βρέθηκε νεκρός στό γραφεῖο του, μέ ἕνα σημείωμα δίπλα του. Ὁ ἐπιθεωρητής ὅμως παρατήρησε ὅτι τό σημείωμα ἦταν γραμμένο στή γραφομηχανή καί δέν ὑπῆρχαν δακτυλικά ἀποτυπώματα. — Ἄν ὁ ἴδιος ἔγραψε τό σημείωμα, θά εἶχε ἀφήσει ἀποτυπώματα, εἶπε. Ἄλλωστε ὁ δολοφόνος, ἀφοῦ ἔγραψε τό σημείωμα, σκούπισε τά πλῆκτρα. Λίγο ἀργότερα ὁ Πίτερ τήν ἔβαλε στό χέρι τόν ἔνοχο: ἤταν ὁ ἐκδότης, πού εἶχε χρεοκοπήσει καί περίμενε τά χρήματα ἀπό τήν ἀσφάλεια ζωῆς.
Ὁ ἐπιθεωρητής Πίτερ Γουέμπ βρέθηκε ἀντιμέτωπος μέ μιά ὑπόθεση πού ἔμοιαζε αὐτοκτονία. Ὁ συγγραφέας βρέθηκε νεκρός στό γραφεῖο του, μέ ἕνα σημείωμα δίπλα του. Ὁ ἐπιθεωρητής ὅμως παρατήρησε ὅτι τό σημείωμα ἦταν γραμμένο στή γραφομηχανή καί δέν ὑπῆρχαν δακτυλικά ἀποτυπώματα. — Ἄν ὁ ἴδιος ἔγραψε τό σημείωμα, θά εἶχε ἀφήσει ἀποτυπώματα, εἶπε. Ἄλλωστε ὁ δολοφόνος, ἀφοῦ ἔγραψε τό σημείωμα, σκούπισε τά πλῆκτρα. Λίγο ἀργότερα ὁ Πίτερ τήν ἔβαλε στό χέρι τόν ἔνοχο: ἤταν ὁ ἐκδότης, πού εἶχε χρεοκοπήσει καί περίμενε τά χρήματα ἀπό τήν ἀσφάλεια ζωῆς.
(Ἡ ΛΥΣΙΣ ΕΙΣ ΤΗΝ 18ην ΣΕΛΙΔΑ)
